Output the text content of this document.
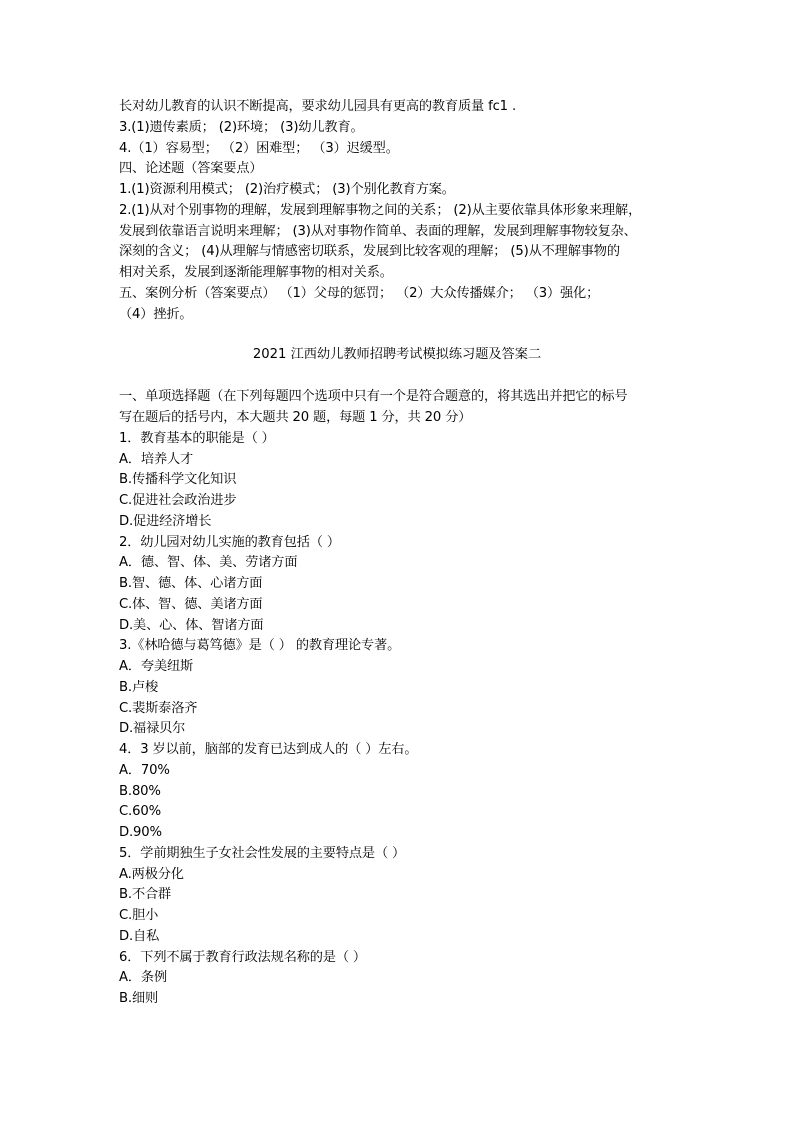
长对幼儿教育的认识不断提高，要求幼儿园具有更高的教育质量 fc1 .
3.(1)遗传素质； (2)环境； (3)幼儿教育。
4.（1）容易型； （2）困难型； （3）迟缓型。
四、论述题（答案要点）
1.(1)资源利用模式； (2)治疗模式； (3)个别化教育方案。
2.(1)从对个别事物的理解，发展到理解事物之间的关系； (2)从主要依靠具体形象来理解，
发展到依靠语言说明来理解； (3)从对事物作简单、表面的理解，发展到理解事物较复杂、
深刻的含义； (4)从理解与情感密切联系，发展到比较客观的理解； (5)从不理解事物的
相对关系，发展到逐渐能理解事物的相对关系。
五、案例分析（答案要点） （1）父母的惩罚； （2）大众传播媒介； （3）强化；
（4）挫折。
2021 江西幼儿教师招聘考试模拟练习题及答案二
一、单项选择题（在下列每题四个选项中只有一个是符合题意的，将其选出并把它的标号
写在题后的括号内，本大题共 20 题，每题 1 分，共 20 分）
1．教育基本的职能是（ ）
A．培养人才
B.传播科学文化知识
C.促进社会政治进步
D.促进经济增长
2．幼儿园对幼儿实施的教育包括（ ）
A．德、智、体、美、劳诸方面
B.智、德、体、心诸方面
C.体、智、德、美诸方面
D.美、心、体、智诸方面
3.《林哈德与葛笃德》是（ ） 的教育理论专著。
A．夸美纽斯
B.卢梭
C.裴斯泰洛齐
D.福禄贝尔
4．3 岁以前，脑部的发育已达到成人的（ ）左右。
A．70%
B.80%
C.60%
D.90%
5．学前期独生子女社会性发展的主要特点是（ ）
A.两极分化
B.不合群
C.胆小
D.自私
6．下列不属于教育行政法规名称的是（ ）
A．条例
B.细则
